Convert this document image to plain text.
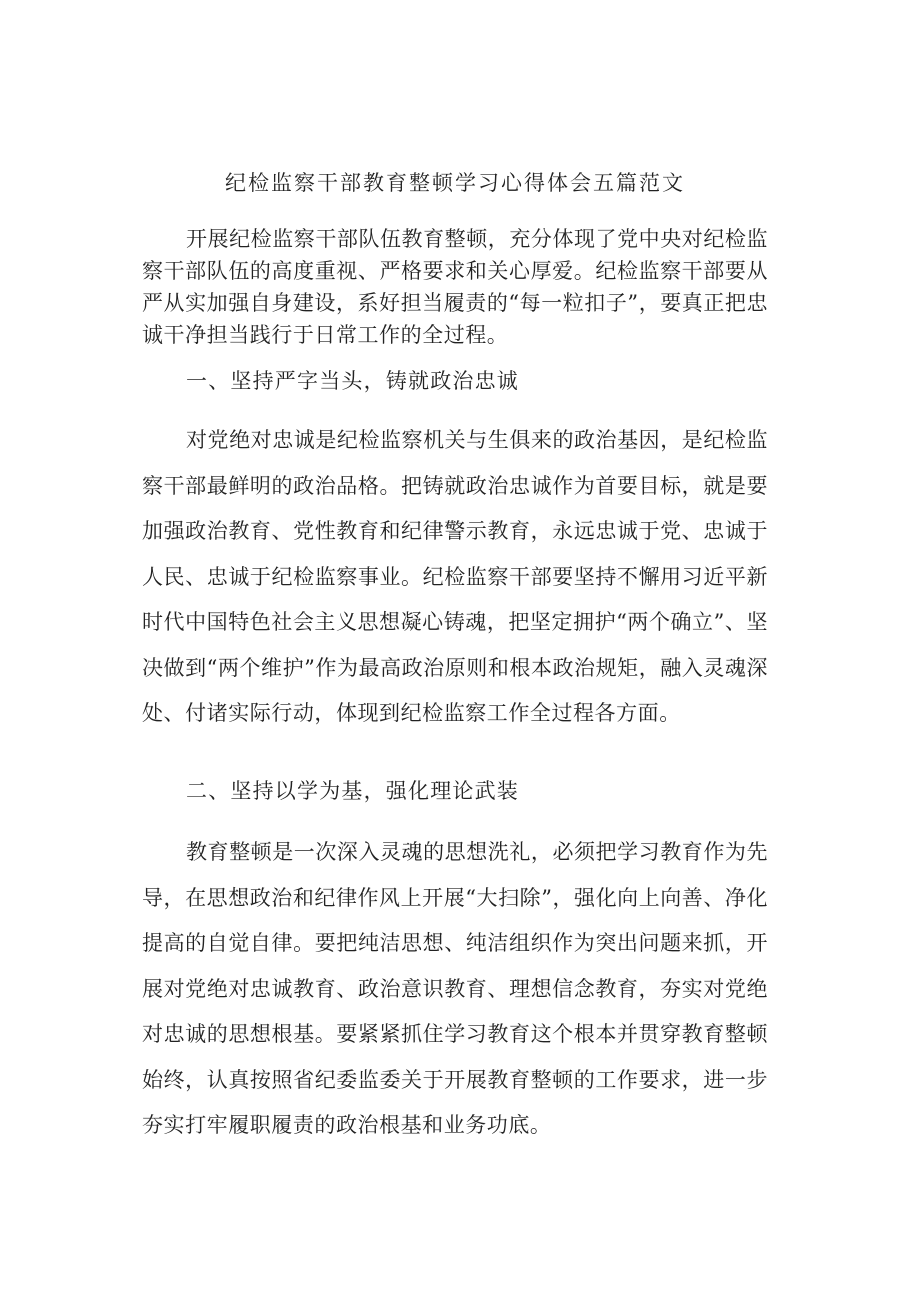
纪检监察干部教育整顿学习心得体会五篇范文

开展纪检监察干部队伍教育整顿，充分体现了党中央对纪检监察干部队伍的高度重视、严格要求和关心厚爱。纪检监察干部要从严从实加强自身建设，系好担当履责的“每一粒扣子”，要真正把忠诚干净担当践行于日常工作的全过程。

一、坚持严字当头，铸就政治忠诚

对党绝对忠诚是纪检监察机关与生俱来的政治基因，是纪检监察干部最鲜明的政治品格。把铸就政治忠诚作为首要目标，就是要加强政治教育、党性教育和纪律警示教育，永远忠诚于党、忠诚于人民、忠诚于纪检监察事业。纪检监察干部要坚持不懈用习近平新时代中国特色社会主义思想凝心铸魂，把坚定拥护“两个确立”、坚决做到“两个维护”作为最高政治原则和根本政治规矩，融入灵魂深处、付诸实际行动，体现到纪检监察工作全过程各方面。

二、坚持以学为基，强化理论武装

教育整顿是一次深入灵魂的思想洗礼，必须把学习教育作为先导，在思想政治和纪律作风上开展“大扫除”，强化向上向善、净化提高的自觉自律。要把纯洁思想、纯洁组织作为突出问题来抓，开展对党绝对忠诚教育、政治意识教育、理想信念教育，夯实对党绝对忠诚的思想根基。要紧紧抓住学习教育这个根本并贯穿教育整顿始终，认真按照省纪委监委关于开展教育整顿的工作要求，进一步夯实打牢履职履责的政治根基和业务功底。
